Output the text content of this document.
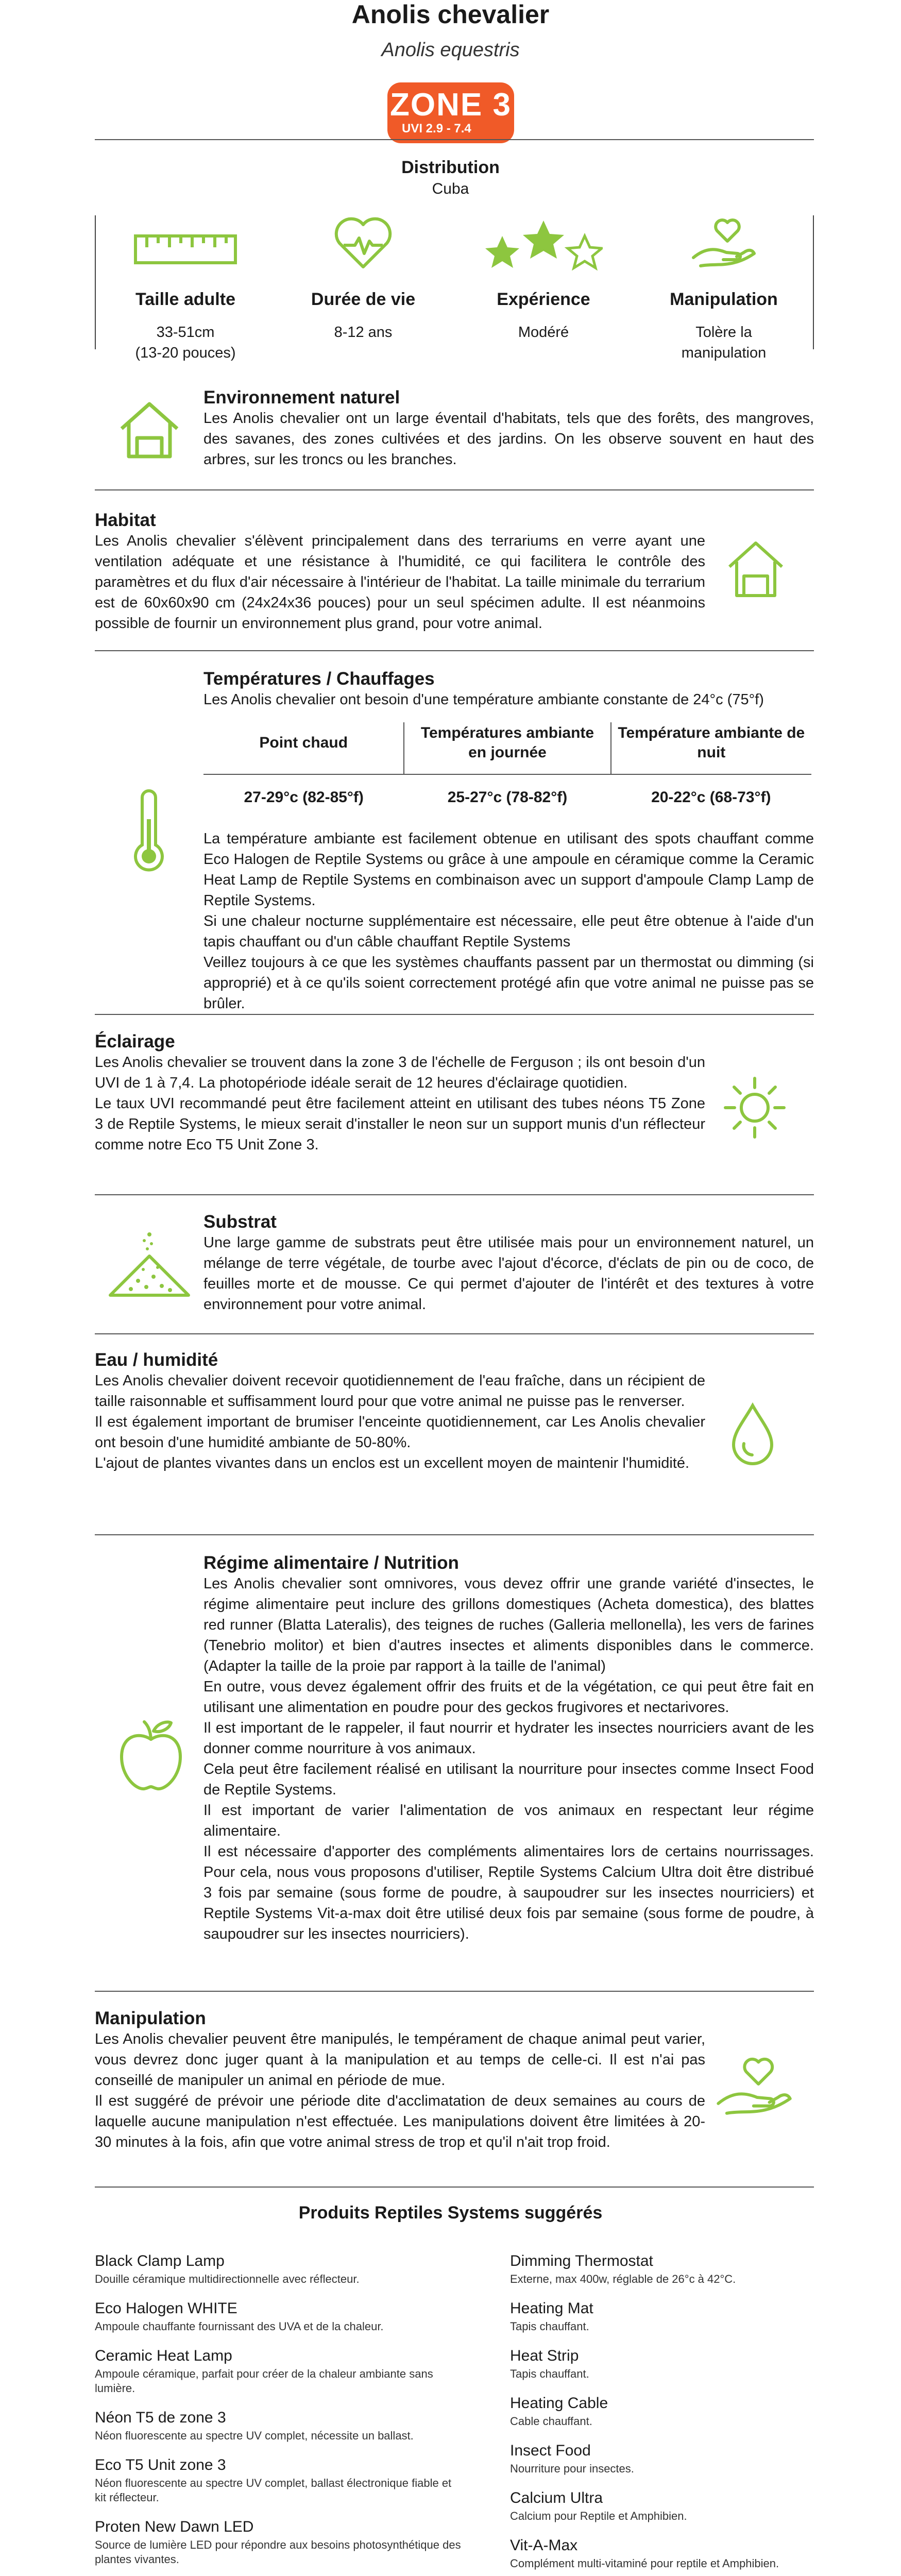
Anolis chevalier
Anolis equestris
ZONE 3
UVI 2.9 - 7.4
Distribution
Cuba
Taille adulte
33-51cm
(13-20 pouces)
Durée de vie
8-12 ans
Expérience
Modéré
Manipulation
Tolère la
manipulation
Environnement naturel

Les Anolis chevalier ont un large éventail d'habitats, tels que des forêts, des mangroves, des savanes, des zones cultivées et des jardins. On les observe souvent en haut des arbres, sur les troncs ou les branches.

Habitat

Les Anolis chevalier s'élèvent principalement dans des terrariums en verre ayant une ventilation adéquate et une résistance à l'humidité, ce qui facilitera le contrôle des paramètres et du flux d'air nécessaire à l'intérieur de l'habitat. La taille minimale du terrarium est de 60x60x90 cm (24x24x36 pouces) pour un seul spécimen adulte. Il est néanmoins possible de fournir un environnement plus grand, pour votre animal.

Températures / Chauffages

Les Anolis chevalier ont besoin d'une température ambiante constante de 24°c (75°f)

Point chaud	Températures ambiante en journée	Température ambiante de nuit
27-29°c (82-85°f)	25-27°c (78-82°f)	20-22°c (68-73°f)

La température ambiante est facilement obtenue en utilisant des spots chauffant comme Eco Halogen de Reptile Systems ou grâce à une ampoule en céramique comme la Ceramic Heat Lamp de Reptile Systems en combinaison avec un support d'ampoule Clamp Lamp de Reptile Systems.

Si une chaleur nocturne supplémentaire est nécessaire, elle peut être obtenue à l'aide d'un tapis chauffant ou d'un câble chauffant Reptile Systems

Veillez toujours à ce que les systèmes chauffants passent par un thermostat ou dimming (si approprié) et à ce qu'ils soient correctement protégé afin que votre animal ne puisse pas se brûler.

Éclairage

Les Anolis chevalier se trouvent dans la zone 3 de l'échelle de Ferguson ; ils ont besoin d'un UVI de 1 à 7,4. La photopériode idéale serait de 12 heures d'éclairage quotidien.

Le taux UVI recommandé peut être facilement atteint en utilisant des tubes néons T5 Zone 3 de Reptile Systems, le mieux serait d'installer le neon sur un support munis d'un réflecteur comme notre Eco T5 Unit Zone 3.

Substrat

Une large gamme de substrats peut être utilisée mais pour un environnement naturel, un mélange de terre végétale, de tourbe avec l'ajout d'écorce, d'éclats de pin ou de coco, de feuilles morte et de mousse. Ce qui permet d'ajouter de l'intérêt et des textures à votre environnement pour votre animal.

Eau / humidité

Les Anolis chevalier doivent recevoir quotidiennement de l'eau fraîche, dans un récipient de taille raisonnable et suffisamment lourd pour que votre animal ne puisse pas le renverser.

Il est également important de brumiser l'enceinte quotidiennement, car Les Anolis chevalier ont besoin d'une humidité ambiante de 50-80%.

L'ajout de plantes vivantes dans un enclos est un excellent moyen de maintenir l'humidité.

Régime alimentaire / Nutrition

Les Anolis chevalier sont omnivores, vous devez offrir une grande variété d'insectes, le régime alimentaire peut inclure des grillons domestiques (Acheta domestica), des blattes red runner (Blatta Lateralis), des teignes de ruches (Galleria mellonella), les vers de farines (Tenebrio molitor) et bien d'autres insectes et aliments disponibles dans le commerce. (Adapter la taille de la proie par rapport à la taille de l'animal)

En outre, vous devez également offrir des fruits et de la végétation, ce qui peut être fait en utilisant une alimentation en poudre pour des geckos frugivores et nectarivores.

Il est important de le rappeler, il faut nourrir et hydrater les insectes nourriciers avant de les donner comme nourriture à vos animaux.

Cela peut être facilement réalisé en utilisant la nourriture pour insectes comme Insect Food de Reptile Systems.

Il est important de varier l'alimentation de vos animaux en respectant leur régime alimentaire.

Il est nécessaire d'apporter des compléments alimentaires lors de certains nourrissages. Pour cela, nous vous proposons d'utiliser, Reptile Systems Calcium Ultra doit être distribué 3 fois par semaine (sous forme de poudre, à saupoudrer sur les insectes nourriciers) et Reptile Systems Vit-a-max doit être utilisé deux fois par semaine (sous forme de poudre, à saupoudrer sur les insectes nourriciers).

Manipulation

Les Anolis chevalier peuvent être manipulés, le tempérament de chaque animal peut varier, vous devrez donc juger quant à la manipulation et au temps de celle-ci. Il est n'ai pas conseillé de manipuler un animal en période de mue.

Il est suggéré de prévoir une période dite d'acclimatation de deux semaines au cours de laquelle aucune manipulation n'est effectuée. Les manipulations doivent être limitées à 20-30 minutes à la fois, afin que votre animal stress de trop et qu'il n'ait trop froid.

Produits Reptiles Systems suggérés
Black Clamp Lamp
Douille céramique multidirectionnelle avec réflecteur.
Eco Halogen WHITE
Ampoule chauffante fournissant des UVA et de la chaleur.
Ceramic Heat Lamp
Ampoule céramique, parfait pour créer de la chaleur ambiante sans lumière.
Néon T5 de zone 3
Néon fluorescente au spectre UV complet, nécessite un ballast.
Eco T5 Unit zone 3
Néon fluorescente au spectre UV complet, ballast électronique fiable et kit réflecteur.
Proten New Dawn LED
Source de lumière LED pour répondre aux besoins photosynthétique des plantes vivantes.
Dimming Thermostat
Externe, max 400w, réglable de 26°c à 42°C.
Heating Mat
Tapis chauffant.
Heat Strip
Tapis chauffant.
Heating Cable
Cable chauffant.
Insect Food
Nourriture pour insectes.
Calcium Ultra
Calcium pour Reptile et Amphibien.
Vit-A-Max
Complément multi-vitaminé pour reptile et Amphibien.
